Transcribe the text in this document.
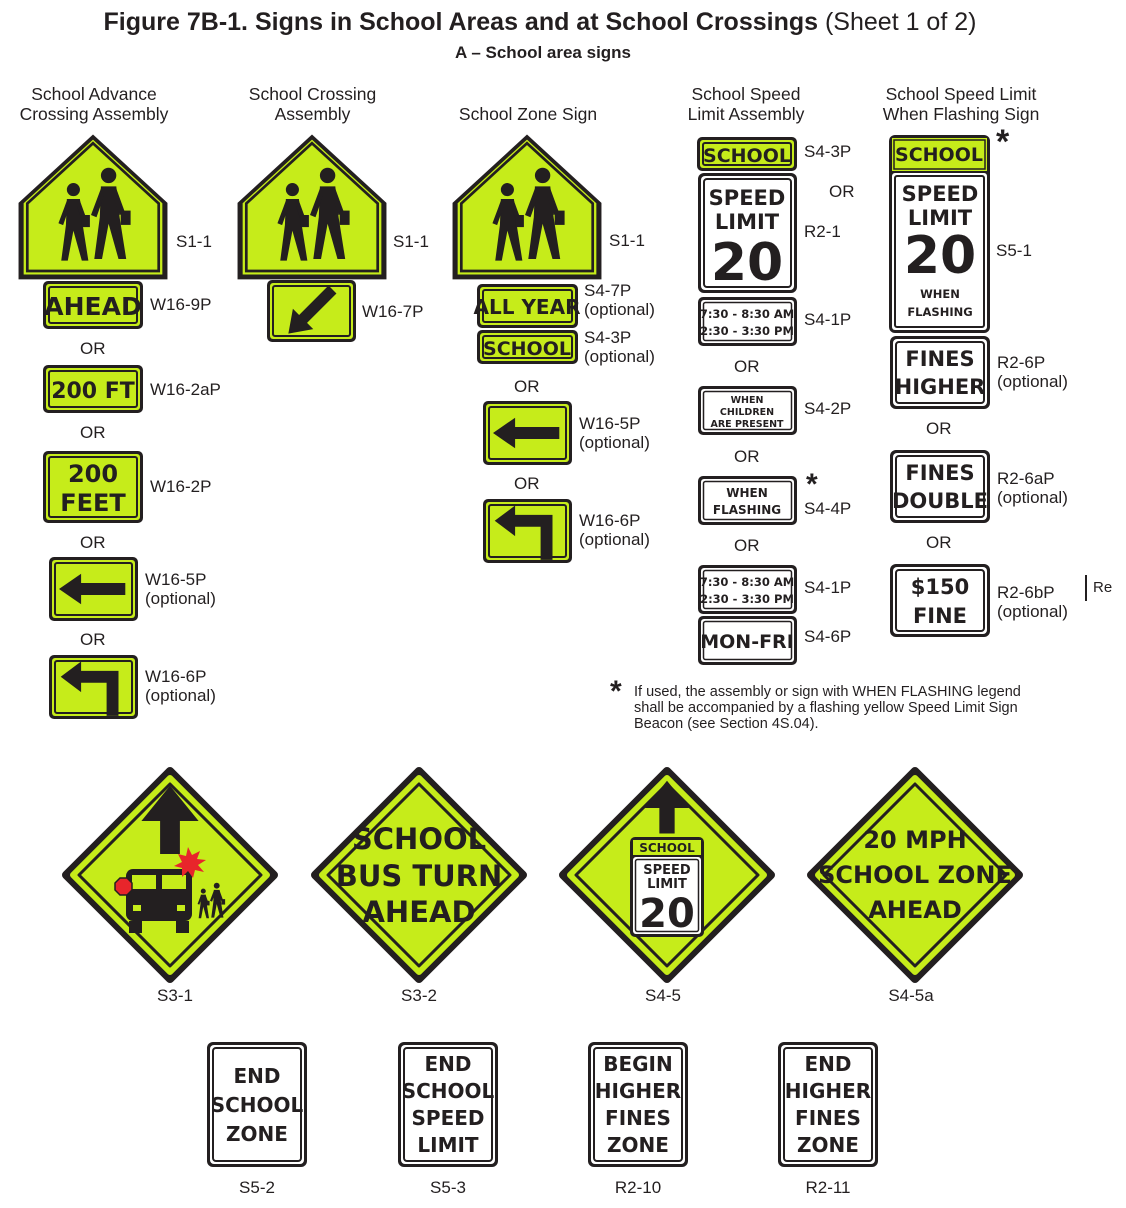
Figure 7B-1. Signs in School Areas and at School Crossings (Sheet 1 of 2)
A – School area signs
School Advance
Crossing Assembly
School Crossing
Assembly	School Zone Sign
School Speed
Limit Assembly
School Speed Limit
When Flashing Sign
AHEAD
200 FT
200
FEET
ALL YEAR
SCHOOL
SCHOOL
SPEED
LIMIT
20
7:30 - 8:30 AM
2:30 - 3:30 PM
WHEN
CHILDREN
ARE PRESENT
WHEN
FLASHING
7:30 - 8:30 AM
2:30 - 3:30 PM
MON-FRI
SCHOOL
SPEED
LIMIT
20
WHEN
FLASHING
FINES
HIGHER
FINES
DOUBLE
$150
FINE
SCHOOL
BUS TURN
AHEAD
SCHOOL
SPEED
LIMIT
20
20 MPH
SCHOOL ZONE
AHEAD
END
SCHOOL
ZONE
END
SCHOOL
SPEED
LIMIT
BEGIN
HIGHER
FINES
ZONE
END
HIGHER
FINES
ZONE
S1-1
W16-9P
OR
W16-2aP
OR
W16-2P
OR
W16-5P
(optional)
OR
W16-6P
(optional)
S1-1
W16-7P
S1-1
S4-7P
(optional)
S4-3P
(optional)
OR
W16-5P
(optional)
OR
W16-6P
(optional)
S4-3P
OR
R2-1
S4-1P
OR
S4-2P
OR
*
S4-4P
OR
S4-1P
S4-6P
*
S5-1
R2-6P
(optional)
OR
R2-6aP
(optional)
OR
R2-6bP
(optional)
Re
* If used, the assembly or sign with WHEN FLASHING legend
shall be accompanied by a flashing yellow Speed Limit Sign
Beacon (see Section 4S.04).
S3-1	S3-2	S4-5	S4-5a
S5-2	S5-3	R2-10	R2-11
